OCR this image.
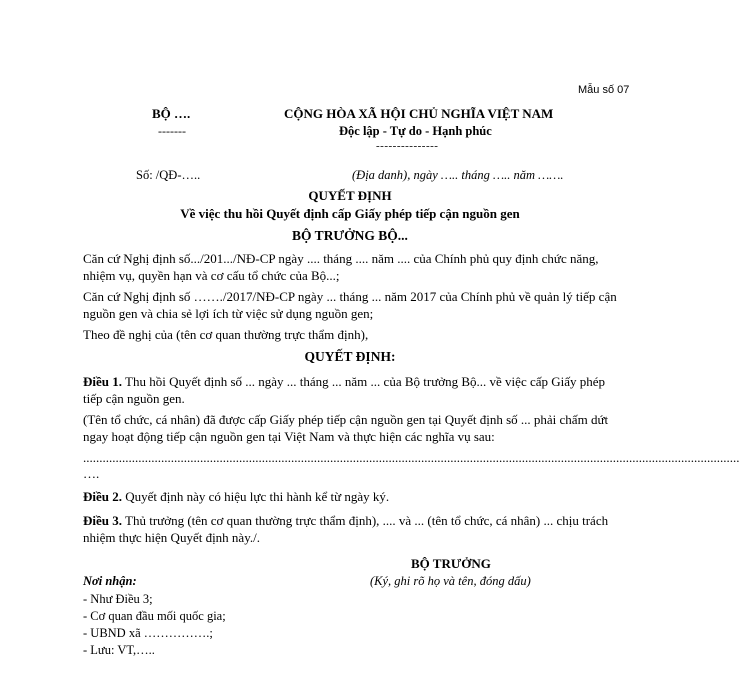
Mẫu số 07
BỘ ….
-------
CỘNG HÒA XÃ HỘI CHỦ NGHĨA VIỆT NAM
Độc lập - Tự do - Hạnh phúc
---------------
Số: /QĐ-…..	(Địa danh), ngày ….. tháng ….. năm …….
QUYẾT ĐỊNH
Về việc thu hồi Quyết định cấp Giấy phép tiếp cận nguồn gen
BỘ TRƯỞNG BỘ...
Căn cứ Nghị định số.../201.../NĐ-CP ngày .... tháng .... năm .... của Chính phủ quy định chức năng, nhiệm vụ, quyền hạn và cơ cấu tổ chức của Bộ...;
Căn cứ Nghị định số ……./2017/NĐ-CP ngày ... tháng ... năm 2017 của Chính phủ về quản lý tiếp cận nguồn gen và chia sẻ lợi ích từ việc sử dụng nguồn gen;
Theo đề nghị của (tên cơ quan thường trực thẩm định),
QUYẾT ĐỊNH:
Điều 1. Thu hồi Quyết định số ... ngày ... tháng ... năm ... của Bộ trưởng Bộ... về việc cấp Giấy phép tiếp cận nguồn gen.
(Tên tổ chức, cá nhân) đã được cấp Giấy phép tiếp cận nguồn gen tại Quyết định số ... phải chấm dứt ngay hoạt động tiếp cận nguồn gen tại Việt Nam và thực hiện các nghĩa vụ sau:
..........................................................................................................................................................................................................
….
Điều 2. Quyết định này có hiệu lực thi hành kể từ ngày ký.
Điều 3. Thủ trưởng (tên cơ quan thường trực thẩm định), .... và ... (tên tổ chức, cá nhân) ... chịu trách nhiệm thực hiện Quyết định này./.
BỘ TRƯỞNG
(Ký, ghi rõ họ và tên, đóng dấu)
Nơi nhận:
- Như Điều 3;
- Cơ quan đầu mối quốc gia;
- UBND xã …………….;
- Lưu: VT,…..
